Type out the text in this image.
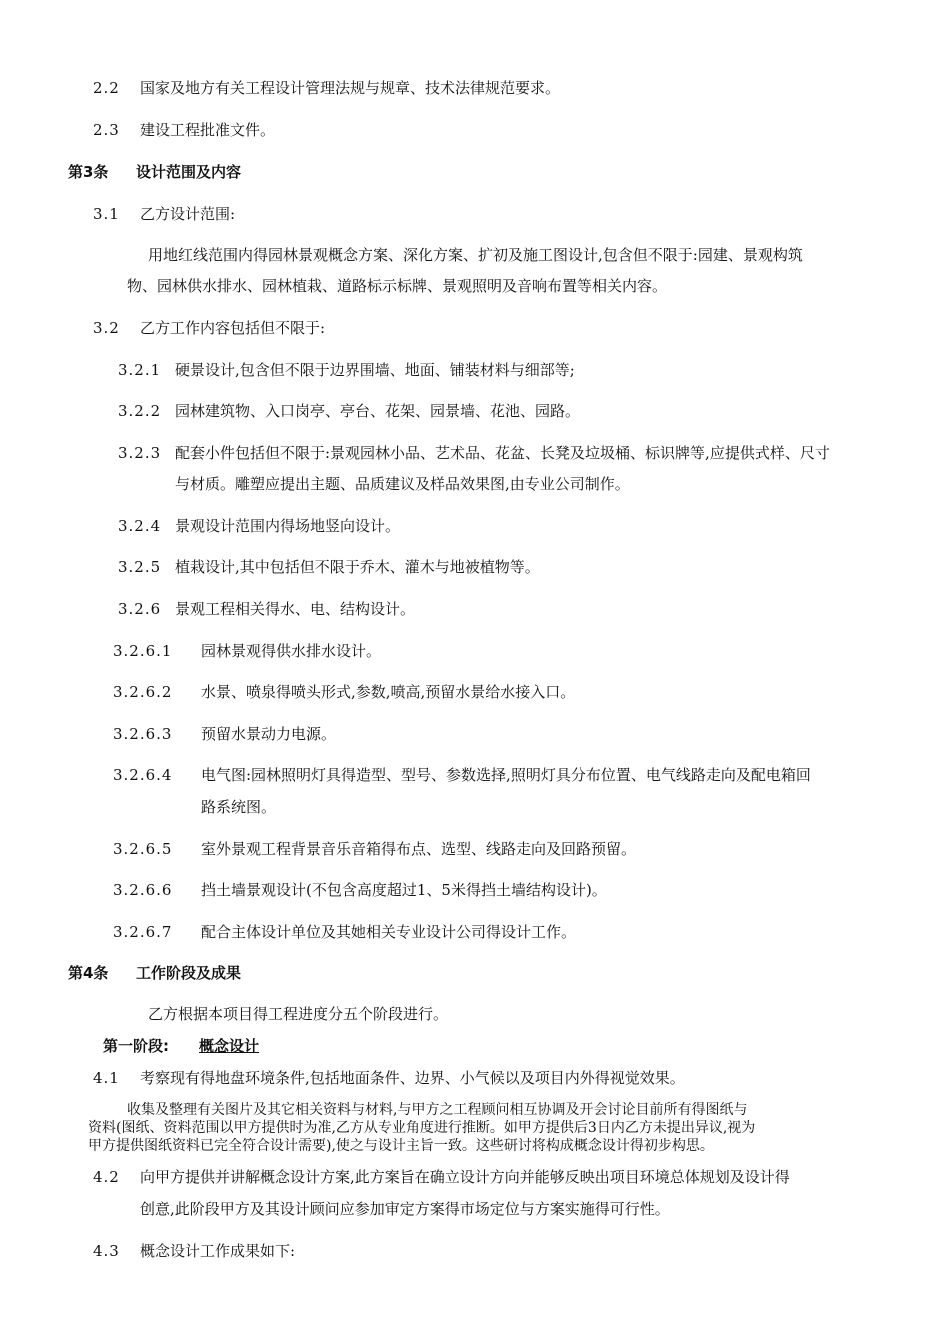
2.2 国家及地方有关工程设计管理法规与规章、技术法律规范要求。
2.3 建设工程批准文件。
第3条 设计范围及内容
3.1 乙方设计范围:
用地红线范围内得园林景观概念方案、深化方案、扩初及施工图设计,包含但不限于:园建、景观构筑
物、园林供水排水、园林植栽、道路标示标牌、景观照明及音响布置等相关内容。
3.2 乙方工作内容包括但不限于:
3.2.1 硬景设计,包含但不限于边界围墙、地面、铺装材料与细部等;
3.2.2 园林建筑物、入口岗亭、亭台、花架、园景墙、花池、园路。
3.2.3 配套小件包括但不限于:景观园林小品、艺术品、花盆、长凳及垃圾桶、标识牌等,应提供式样、尺寸
与材质。雕塑应提出主题、品质建议及样品效果图,由专业公司制作。
3.2.4 景观设计范围内得场地竖向设计。
3.2.5 植栽设计,其中包括但不限于乔木、灌木与地被植物等。
3.2.6 景观工程相关得水、电、结构设计。
3.2.6.1 园林景观得供水排水设计。
3.2.6.2 水景、喷泉得喷头形式,参数,喷高,预留水景给水接入口。
3.2.6.3 预留水景动力电源。
3.2.6.4 电气图:园林照明灯具得造型、型号、参数选择,照明灯具分布位置、电气线路走向及配电箱回
路系统图。
3.2.6.5 室外景观工程背景音乐音箱得布点、选型、线路走向及回路预留。
3.2.6.6 挡土墙景观设计(不包含高度超过1、5米得挡土墙结构设计)。
3.2.6.7 配合主体设计单位及其她相关专业设计公司得设计工作。
第4条 工作阶段及成果
乙方根据本项目得工程进度分五个阶段进行。
第一阶段: 概念设计
4.1 考察现有得地盘环境条件,包括地面条件、边界、小气候以及项目内外得视觉效果。
收集及整理有关图片及其它相关资料与材料,与甲方之工程顾问相互协调及开会讨论目前所有得图纸与
资料(图纸、资料范围以甲方提供时为准,乙方从专业角度进行推断。如甲方提供后3日内乙方未提出异议,视为
甲方提供图纸资料已完全符合设计需要),使之与设计主旨一致。这些研讨将构成概念设计得初步构思。
4.2 向甲方提供并讲解概念设计方案,此方案旨在确立设计方向并能够反映出项目环境总体规划及设计得
创意,此阶段甲方及其设计顾问应参加审定方案得市场定位与方案实施得可行性。
4.3 概念设计工作成果如下:
